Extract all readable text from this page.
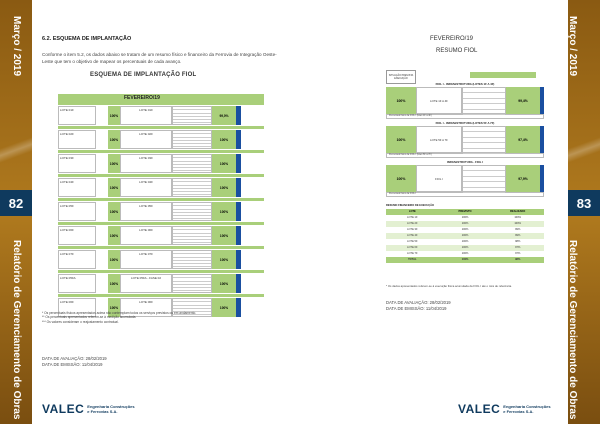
Março / 2019
82
Relatório de Gerenciamento de Obras
Março / 2019
83
Relatório de Gerenciamento de Obras
6.2. ESQUEMA DE IMPLANTAÇÃO
Conforme o item 5.2, os dados abaixo se tratam de um resumo físico e financeiro da Ferrovia de Integração Oeste-Leste que tem o objetivo de mapear os percentuais de cada avanço.
ESQUEMA DE IMPLANTAÇÃO FIOL
FEVEREIRO/19
LOTE 01F
100%
LOTE 01F
99,0%
LOTE 02F
100%
LOTE 02F
100%
LOTE 03F
100%
LOTE 03F
100%
LOTE 04F
100%
LOTE 04F
100%
LOTE 05F
100%
LOTE 05F
100%
LOTE 06F
100%
LOTE 06F
100%
LOTE 07F
100%
LOTE 07F
100%
LOTE 05FA
100%
LOTE 05FA - FASE 02
100%
LOTE 06F
100%
LOTE 06F
100%
* Os percentuais físicos apresentados acima não contemplam todos os serviços previstos ou em andamento.
** Os percentuais apresentados referem-se à medição acumulada.
*** Os valores consideram o reajustamento contratual.
DATA DE AVALIAÇÃO: 28/02/2019
DATA DE EMISSÃO: 11/04/2019
VALEC Engenharia Construções
e Ferrovias S.A.
FEVEREIRO/19
RESUMO FIOL
SITUAÇÃO PREVISTA EXECUÇÃO
FIOL I - INFRAESTRUTURA (LOTES 1F A 4F)
100%	LOTE 1F A 4F	99,4%
Percentual físico da FIOL I (lotes 1F a 4F)
FIOL I - INFRAESTRUTURA (LOTES 5F A 7F)
100%	LOTE 5F A 7F	97,4%
Percentual físico da FIOL I (lotes 5F a 7F)
INFRAESTRUTURA - FIOL I
100%	FIOL I	97,9%
Percentual físico da FIOL I
RESUMO FINANCEIRO DE EXECUÇÃO
LOTE	PREVISTO	REALIZADO
LOTE 1F	100%	100%
LOTE 2F	100%	100%
LOTE 3F	100%	99%
LOTE 4F	100%	99%
LOTE 5F	100%	98%
LOTE 6F	100%	97%
LOTE 7F	100%	97%
TOTAL	100%	98%
* Os dados apresentados referem-se à execução física acumulada da FIOL I até o mês de referência.
DATA DE AVALIAÇÃO: 28/02/2019
DATA DE EMISSÃO: 11/04/2019
VALEC Engenharia Construções
e Ferrovias S.A.
